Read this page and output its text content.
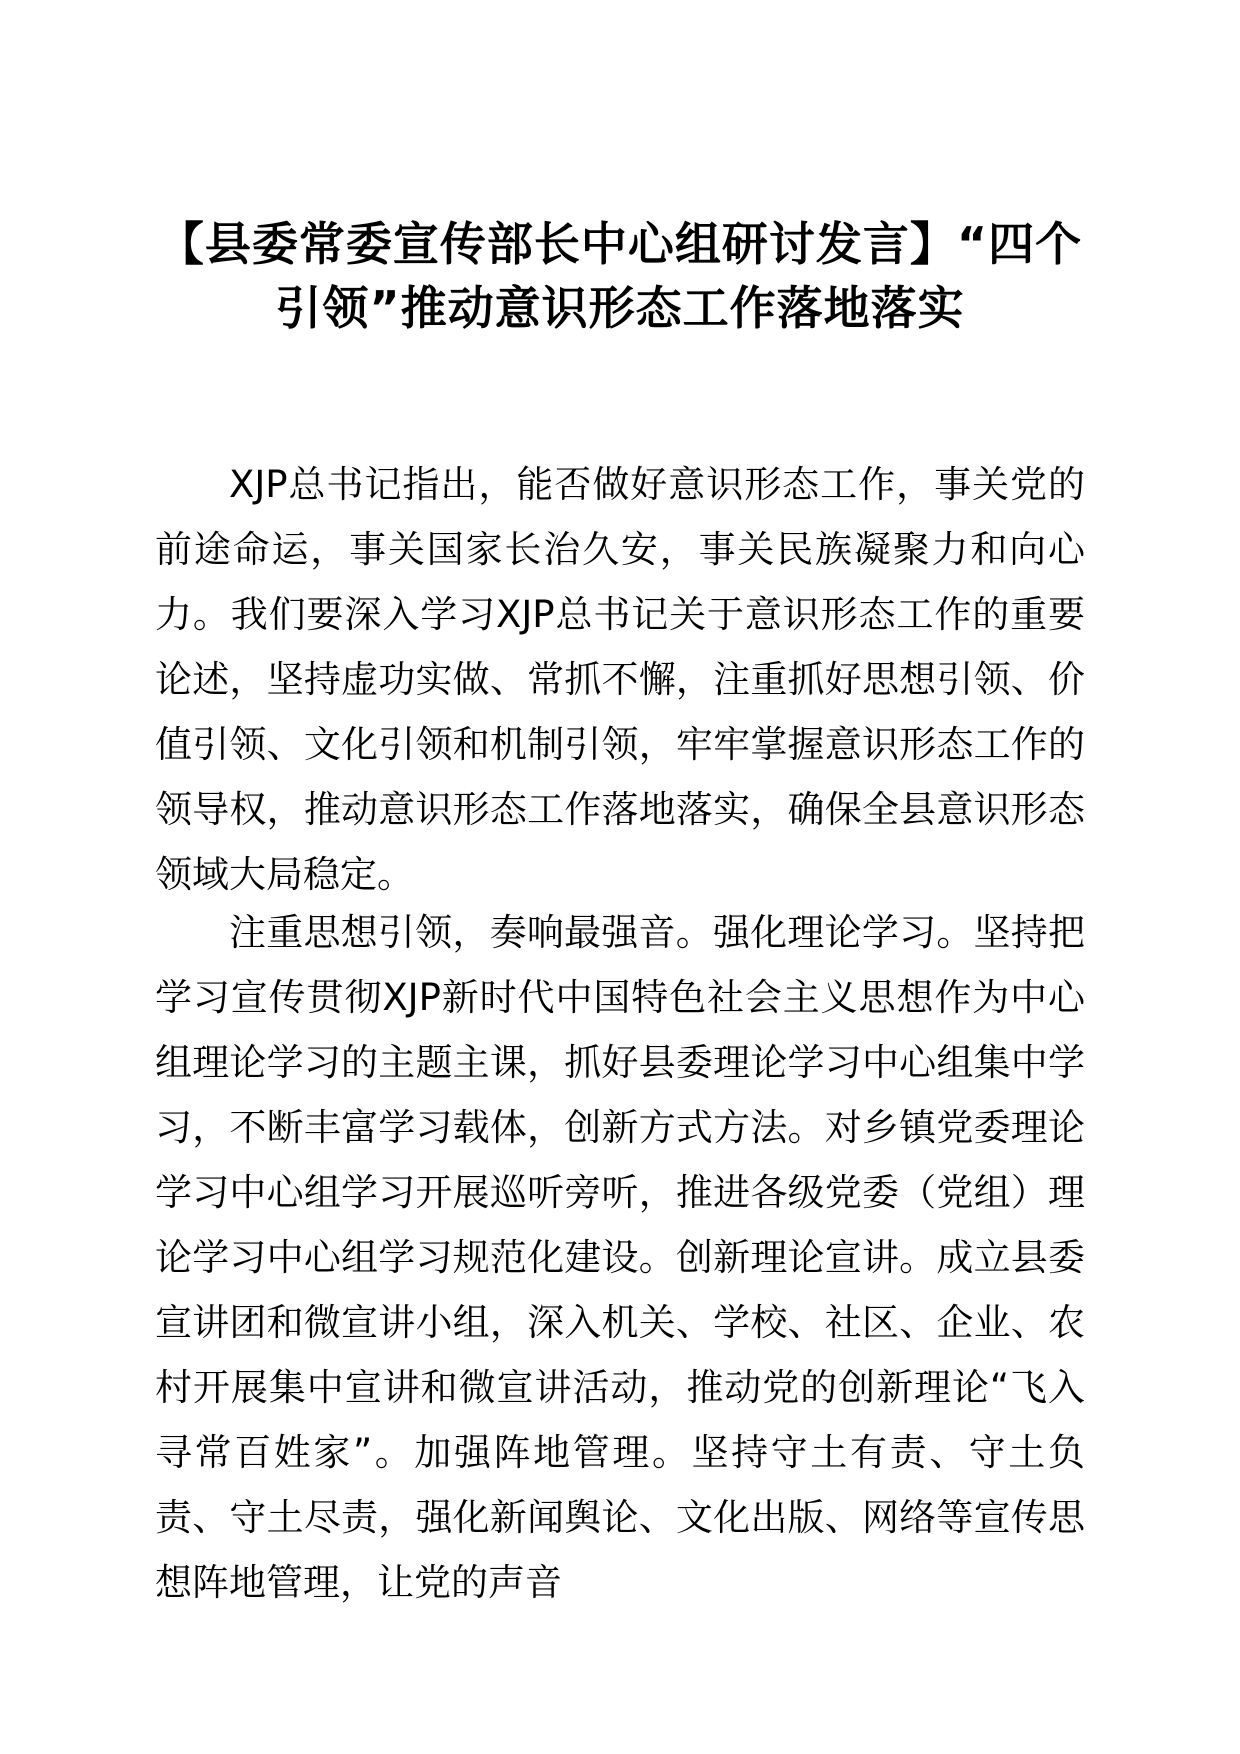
【县委常委宣传部长中心组研讨发言】“四个引领”推动意识形态工作落地落实

XJP总书记指出，能否做好意识形态工作，事关党的前途命运，事关国家长治久安，事关民族凝聚力和向心力。我们要深入学习XJP总书记关于意识形态工作的重要论述，坚持虚功实做、常抓不懈，注重抓好思想引领、价值引领、文化引领和机制引领，牢牢掌握意识形态工作的领导权，推动意识形态工作落地落实，确保全县意识形态领域大局稳定。

注重思想引领，奏响最强音。强化理论学习。坚持把学习宣传贯彻XJP新时代中国特色社会主义思想作为中心组理论学习的主题主课，抓好县委理论学习中心组集中学习，不断丰富学习载体，创新方式方法。对乡镇党委理论学习中心组学习开展巡听旁听，推进各级党委（党组）理论学习中心组学习规范化建设。创新理论宣讲。成立县委宣讲团和微宣讲小组，深入机关、学校、社区、企业、农村开展集中宣讲和微宣讲活动，推动党的创新理论“飞入寻常百姓家”。加强阵地管理。坚持守土有责、守土负责、守土尽责，强化新闻舆论、文化出版、网络等宣传思想阵地管理，让党的声音
